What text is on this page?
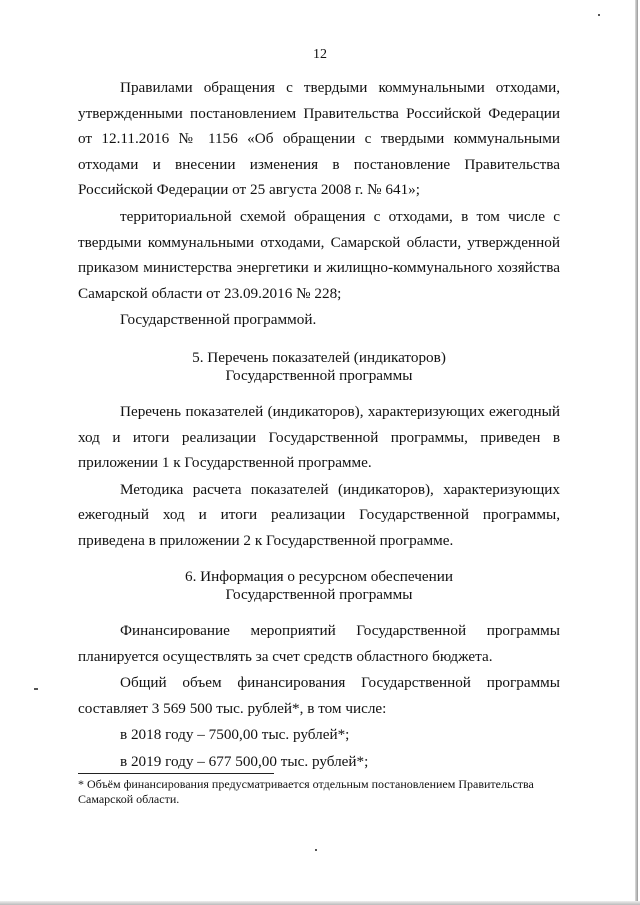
12

Правилами обращения с твердыми коммунальными отходами, утвержденными постановлением Правительства Российской Федерации от 12.11.2016 № 1156 «Об обращении с твердыми коммунальными отходами и внесении изменения в постановление Правительства Российской Федерации от 25 августа 2008 г. № 641»;

территориальной схемой обращения с отходами, в том числе с твердыми коммунальными отходами, Самарской области, утвержденной приказом министерства энергетики и жилищно-коммунального хозяйства Самарской области от 23.09.2016 № 228;

Государственной программой.

5. Перечень показателей (индикаторов)

Государственной программы

Перечень показателей (индикаторов), характеризующих ежегодный ход и итоги реализации Государственной программы, приведен в приложении 1 к Государственной программе.

Методика расчета показателей (индикаторов), характеризующих ежегодный ход и итоги реализации Государственной программы, приведена в приложении 2 к Государственной программе.

6. Информация о ресурсном обеспечении

Государственной программы

Финансирование мероприятий Государственной программы планируется осуществлять за счет средств областного бюджета.

Общий объем финансирования Государственной программы составляет 3 569 500 тыс. рублей*, в том числе:

в 2018 году – 7500,00 тыс. рублей*;

в 2019 году – 677 500,00 тыс. рублей*;

* Объём финансирования предусматривается отдельным постановлением Правительства Самарской области.
